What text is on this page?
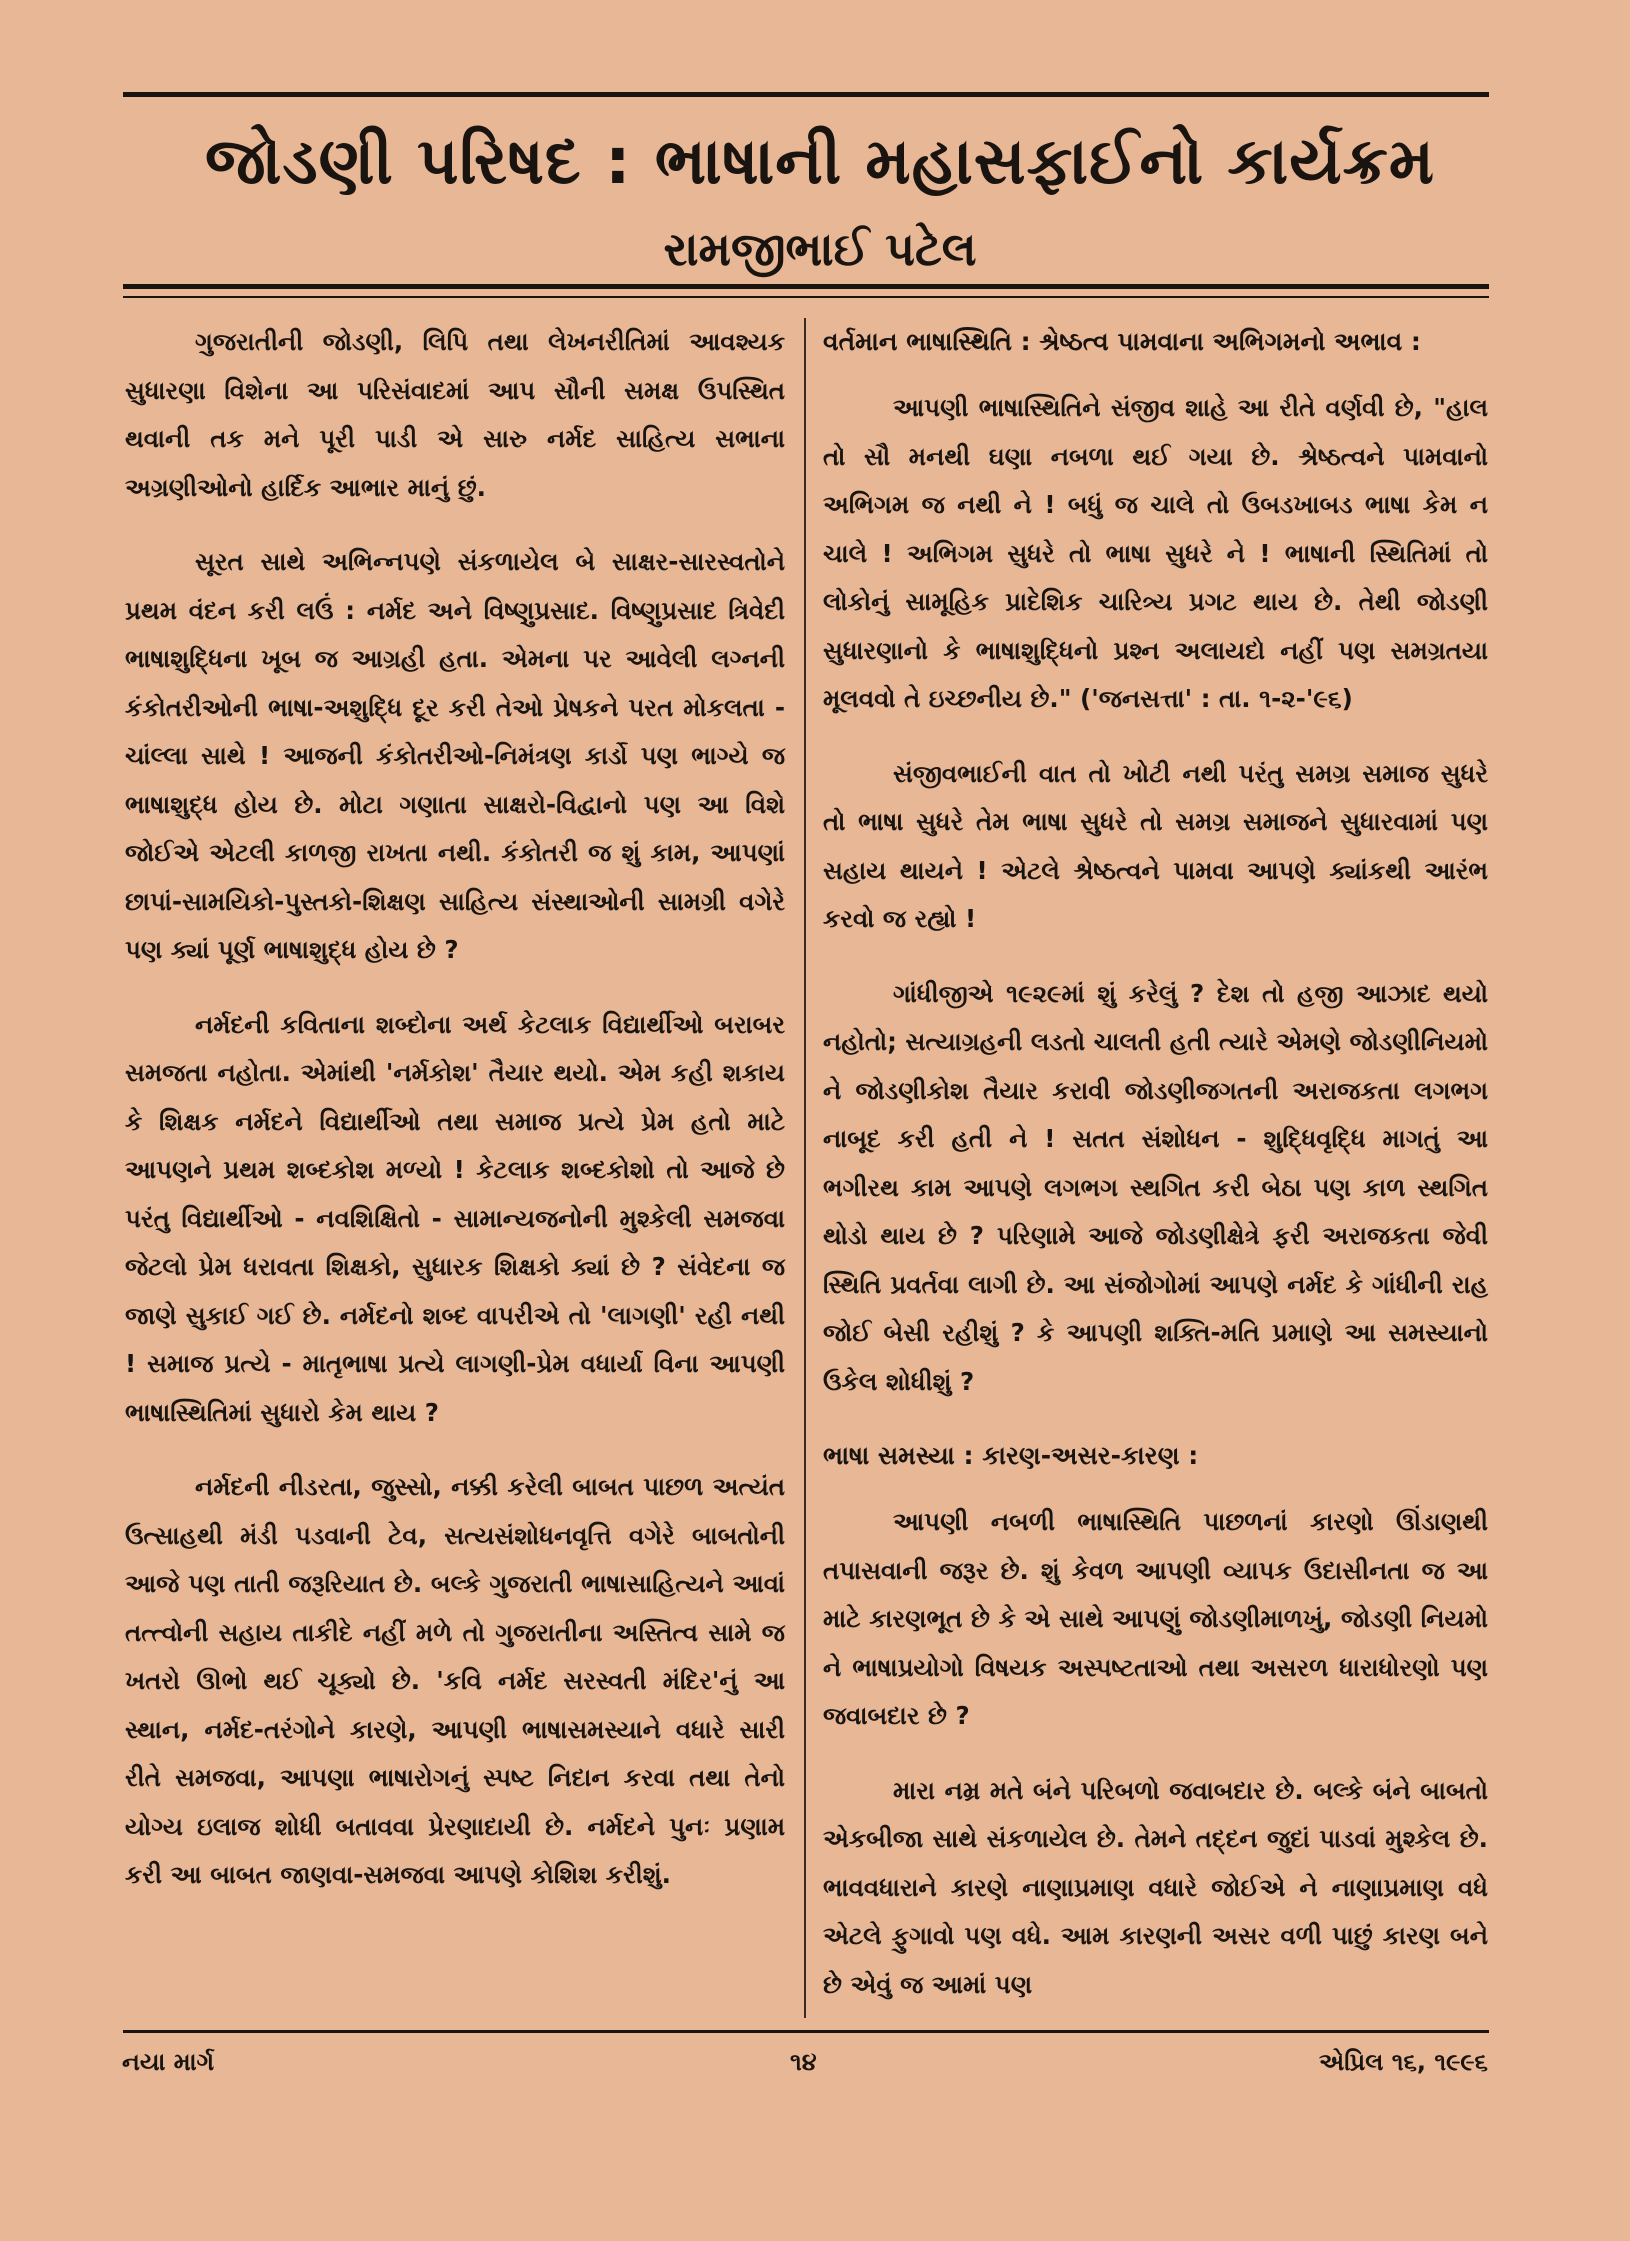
જોડણી પરિષદ : ભાષાની મહાસફાઈનો કાર્યક્રમ
રામજીભાઈ પટેલ

ગુજરાતીની જોડણી, લિપિ તથા લેખનરીતિમાં આવશ્યક સુધારણા વિશેના આ પરિસંવાદમાં આપ સૌની સમક્ષ ઉપસ્થિત થવાની તક મને પૂરી પાડી એ સારુ નર્મદ સાહિત્ય સભાના અગ્રણીઓનો હાર્દિક આભાર માનું છું.

સૂરત સાથે અભિન્નપણે સંકળાયેલ બે સાક્ષર-સારસ્વતોને પ્રથમ વંદન કરી લઉં : નર્મદ અને વિષ્ણુપ્રસાદ. વિષ્ણુપ્રસાદ ત્રિવેદી ભાષાશુદ્ધિના ખૂબ જ આગ્રહી હતા. એમના પર આવેલી લગ્નની કંકોતરીઓની ભાષા-અશુદ્ધિ દૂર કરી તેઓ પ્રેષકને પરત મોકલતા - ચાંલ્લા સાથે ! આજની કંકોતરીઓ-નિમંત્રણ કાર્ડો પણ ભાગ્યે જ ભાષાશુદ્ધ હોય છે. મોટા ગણાતા સાક્ષરો-વિદ્વાનો પણ આ વિશે જોઈએ એટલી કાળજી રાખતા નથી. કંકોતરી જ શું કામ, આપણાં છાપાં-સામયિકો-પુસ્તકો-શિક્ષણ સાહિત્ય સંસ્થાઓની સામગ્રી વગેરે પણ ક્યાં પૂર્ણ ભાષાશુદ્ધ હોય છે ?

નર્મદની કવિતાના શબ્દોના અર્થ કેટલાક વિદ્યાર્થીઓ બરાબર સમજતા નહોતા. એમાંથી 'નર્મકોશ' તૈયાર થયો. એમ કહી શકાય કે શિક્ષક નર્મદને વિદ્યાર્થીઓ તથા સમાજ પ્રત્યે પ્રેમ હતો માટે આપણને પ્રથમ શબ્દકોશ મળ્યો ! કેટલાક શબ્દકોશો તો આજે છે પરંતુ વિદ્યાર્થીઓ - નવશિક્ષિતો - સામાન્યજનોની મુશ્કેલી સમજવા જેટલો પ્રેમ ધરાવતા શિક્ષકો, સુધારક શિક્ષકો ક્યાં છે ? સંવેદના જ જાણે સુકાઈ ગઈ છે. નર્મદનો શબ્દ વાપરીએ તો 'લાગણી' રહી નથી ! સમાજ પ્રત્યે - માતૃભાષા પ્રત્યે લાગણી-પ્રેમ વધાર્યા વિના આપણી ભાષાસ્થિતિમાં સુધારો કેમ થાય ?

નર્મદની નીડરતા, જુસ્સો, નક્કી કરેલી બાબત પાછળ અત્યંત ઉત્સાહથી મંડી પડવાની ટેવ, સત્યસંશોધનવૃત્તિ વગેરે બાબતોની આજે પણ તાતી જરૂરિયાત છે. બલ્કે ગુજરાતી ભાષાસાહિત્યને આવાં તત્ત્વોની સહાય તાકીદે નહીં મળે તો ગુજરાતીના અસ્તિત્વ સામે જ ખતરો ઊભો થઈ ચૂક્યો છે. 'કવિ નર્મદ સરસ્વતી મંદિર'નું આ સ્થાન, નર્મદ-તરંગોને કારણે, આપણી ભાષાસમસ્યાને વધારે સારી રીતે સમજવા, આપણા ભાષારોગનું સ્પષ્ટ નિદાન કરવા તથા તેનો યોગ્ય ઇલાજ શોધી બતાવવા પ્રેરણાદાયી છે. નર્મદને પુનઃ પ્રણામ કરી આ બાબત જાણવા-સમજવા આપણે કોશિશ કરીશું.

વર્તમાન ભાષાસ્થિતિ : શ્રેષ્ઠત્વ પામવાના અભિગમનો અભાવ :

આપણી ભાષાસ્થિતિને સંજીવ શાહે આ રીતે વર્ણવી છે, "હાલ તો સૌ મનથી ઘણા નબળા થઈ ગયા છે. શ્રેષ્ઠત્વને પામવાનો અભિગમ જ નથી ને ! બધું જ ચાલે તો ઉબડખાબડ ભાષા કેમ ન ચાલે ! અભિગમ સુધરે તો ભાષા સુધરે ને ! ભાષાની સ્થિતિમાં તો લોકોનું સામૂહિક પ્રાદેશિક ચારિત્ર્ય પ્રગટ થાય છે. તેથી જોડણી સુધારણાનો કે ભાષાશુદ્ધિનો પ્રશ્ન અલાયદો નહીં પણ સમગ્રતયા મૂલવવો તે ઇચ્છનીય છે." ('જનસત્તા' : તા. ૧-૨-'૯૬)

સંજીવભાઈની વાત તો ખોટી નથી પરંતુ સમગ્ર સમાજ સુધરે તો ભાષા સુધરે તેમ ભાષા સુધરે તો સમગ્ર સમાજને સુધારવામાં પણ સહાય થાયને ! એટલે શ્રેષ્ઠત્વને પામવા આપણે ક્યાંકથી આરંભ કરવો જ રહ્યો !

ગાંધીજીએ ૧૯૨૯માં શું કરેલું ? દેશ તો હજી આઝાદ થયો નહોતો; સત્યાગ્રહની લડતો ચાલતી હતી ત્યારે એમણે જોડણીનિયમો ને જોડણીકોશ તૈયાર કરાવી જોડણીજગતની અરાજકતા લગભગ નાબૂદ કરી હતી ને ! સતત સંશોધન - શુદ્ધિવૃદ્ધિ માગતું આ ભગીરથ કામ આપણે લગભગ સ્થગિત કરી બેઠા પણ કાળ સ્થગિત થોડો થાય છે ? પરિણામે આજે જોડણીક્ષેત્રે ફરી અરાજકતા જેવી સ્થિતિ પ્રવર્તવા લાગી છે. આ સંજોગોમાં આપણે નર્મદ કે ગાંધીની રાહ જોઈ બેસી રહીશું ? કે આપણી શક્તિ-મતિ પ્રમાણે આ સમસ્યાનો ઉકેલ શોધીશું ?

ભાષા સમસ્યા : કારણ-અસર-કારણ :

આપણી નબળી ભાષાસ્થિતિ પાછળનાં કારણો ઊંડાણથી તપાસવાની જરૂર છે. શું કેવળ આપણી વ્યાપક ઉદાસીનતા જ આ માટે કારણભૂત છે કે એ સાથે આપણું જોડણીમાળખું, જોડણી નિયમો ને ભાષાપ્રયોગો વિષયક અસ્પષ્ટતાઓ તથા અસરળ ધારાધોરણો પણ જવાબદાર છે ?

મારા નમ્ર મતે બંને પરિબળો જવાબદાર છે. બલ્કે બંને બાબતો એકબીજા સાથે સંકળાયેલ છે. તેમને તદ્દન જુદાં પાડવાં મુશ્કેલ છે. ભાવવધારાને કારણે નાણાપ્રમાણ વધારે જોઈએ ને નાણાપ્રમાણ વધે એટલે ફુગાવો પણ વધે. આમ કારણની અસર વળી પાછું કારણ બને છે એવું જ આમાં પણ

નયા માર્ગ	૧૪	એપ્રિલ ૧૬, ૧૯૯૬
